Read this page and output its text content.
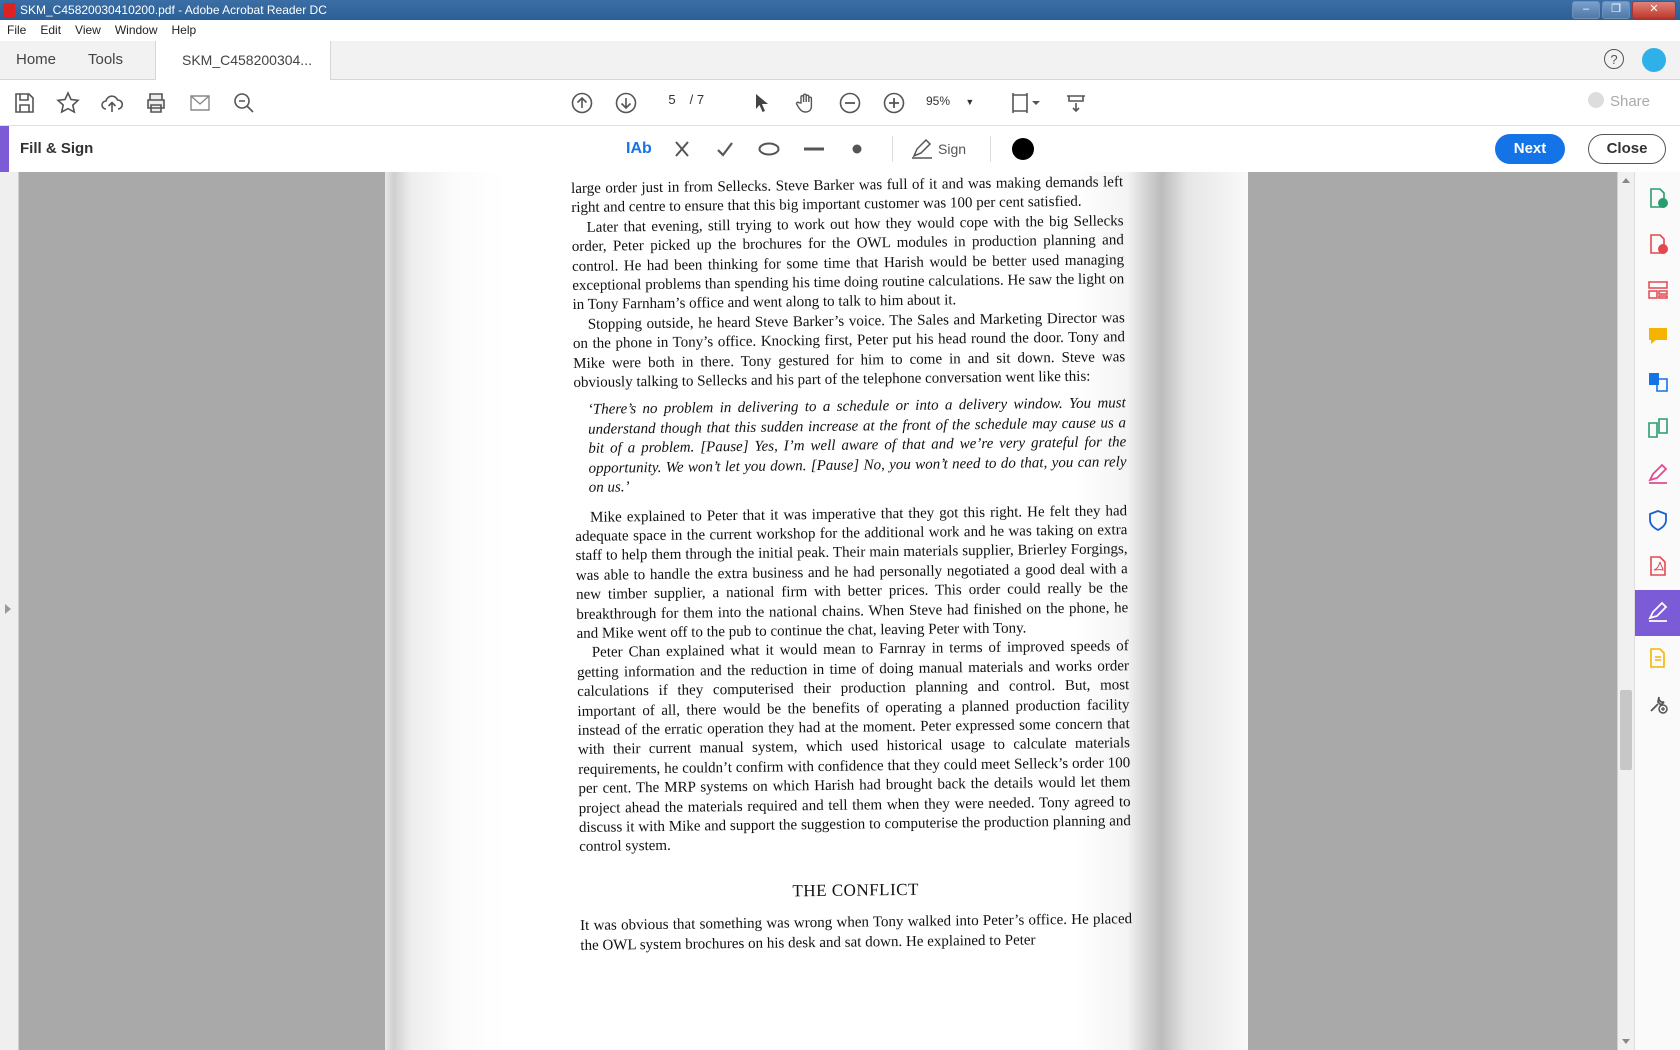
SKM_C45820030410200.pdf - Adobe Acrobat Reader DC	–	❐	✕
File Edit View Window Help
Home Tools	SKM_C458200304...	?
5 / 7	95% ▼	Share
Fill & Sign	IAb	Sign	Next	Close

large order just in from Sellecks. Steve Barker was full of it and was making demands left right and centre to ensure that this big important customer was 100 per cent satisfied.

Later that evening, still trying to work out how they would cope with the big Sellecks order, Peter picked up the brochures for the OWL modules in production planning and control. He had been thinking for some time that Harish would be better used managing exceptional problems than spending his time doing routine calculations. He saw the light on in Tony Farnham’s office and went along to talk to him about it.

Stopping outside, he heard Steve Barker’s voice. The Sales and Marketing Director was on the phone in Tony’s office. Knocking first, Peter put his head round the door. Tony and Mike were both in there. Tony gestured for him to come in and sit down. Steve was obviously talking to Sellecks and his part of the telephone conversation went like this:

‘There’s no problem in delivering to a schedule or into a delivery window. You must understand though that this sudden increase at the front of the schedule may cause us a bit of a problem. [Pause] Yes, I’m well aware of that and we’re very grateful for the opportunity. We won’t let you down. [Pause] No, you won’t need to do that, you can rely on us.’

Mike explained to Peter that it was imperative that they got this right. He felt they had adequate space in the current workshop for the additional work and he was taking on extra staff to help them through the initial peak. Their main materials supplier, Brierley Forgings, was able to handle the extra business and he had personally negotiated a good deal with a new timber supplier, a national firm with better prices. This order could really be the breakthrough for them into the national chains. When Steve had finished on the phone, he and Mike went off to the pub to continue the chat, leaving Peter with Tony.

Peter Chan explained what it would mean to Farnray in terms of improved speeds of getting information and the reduction in time of doing manual materials and works order calculations if they computerised their production planning and control. But, most important of all, there would be the benefits of operating a planned production facility instead of the erratic operation they had at the moment. Peter expressed some concern that with their current manual system, which used historical usage to calculate materials requirements, he couldn’t confirm with confidence that they could meet Selleck’s order 100 per cent. The MRP systems on which Harish had brought back the details would let them project ahead the materials required and tell them when they were needed. Tony agreed to discuss it with Mike and support the suggestion to computerise the production planning and control system.

THE CONFLICT

It was obvious that something was wrong when Tony walked into Peter’s office. He placed the OWL system brochures on his desk and sat down. He explained to Peter
